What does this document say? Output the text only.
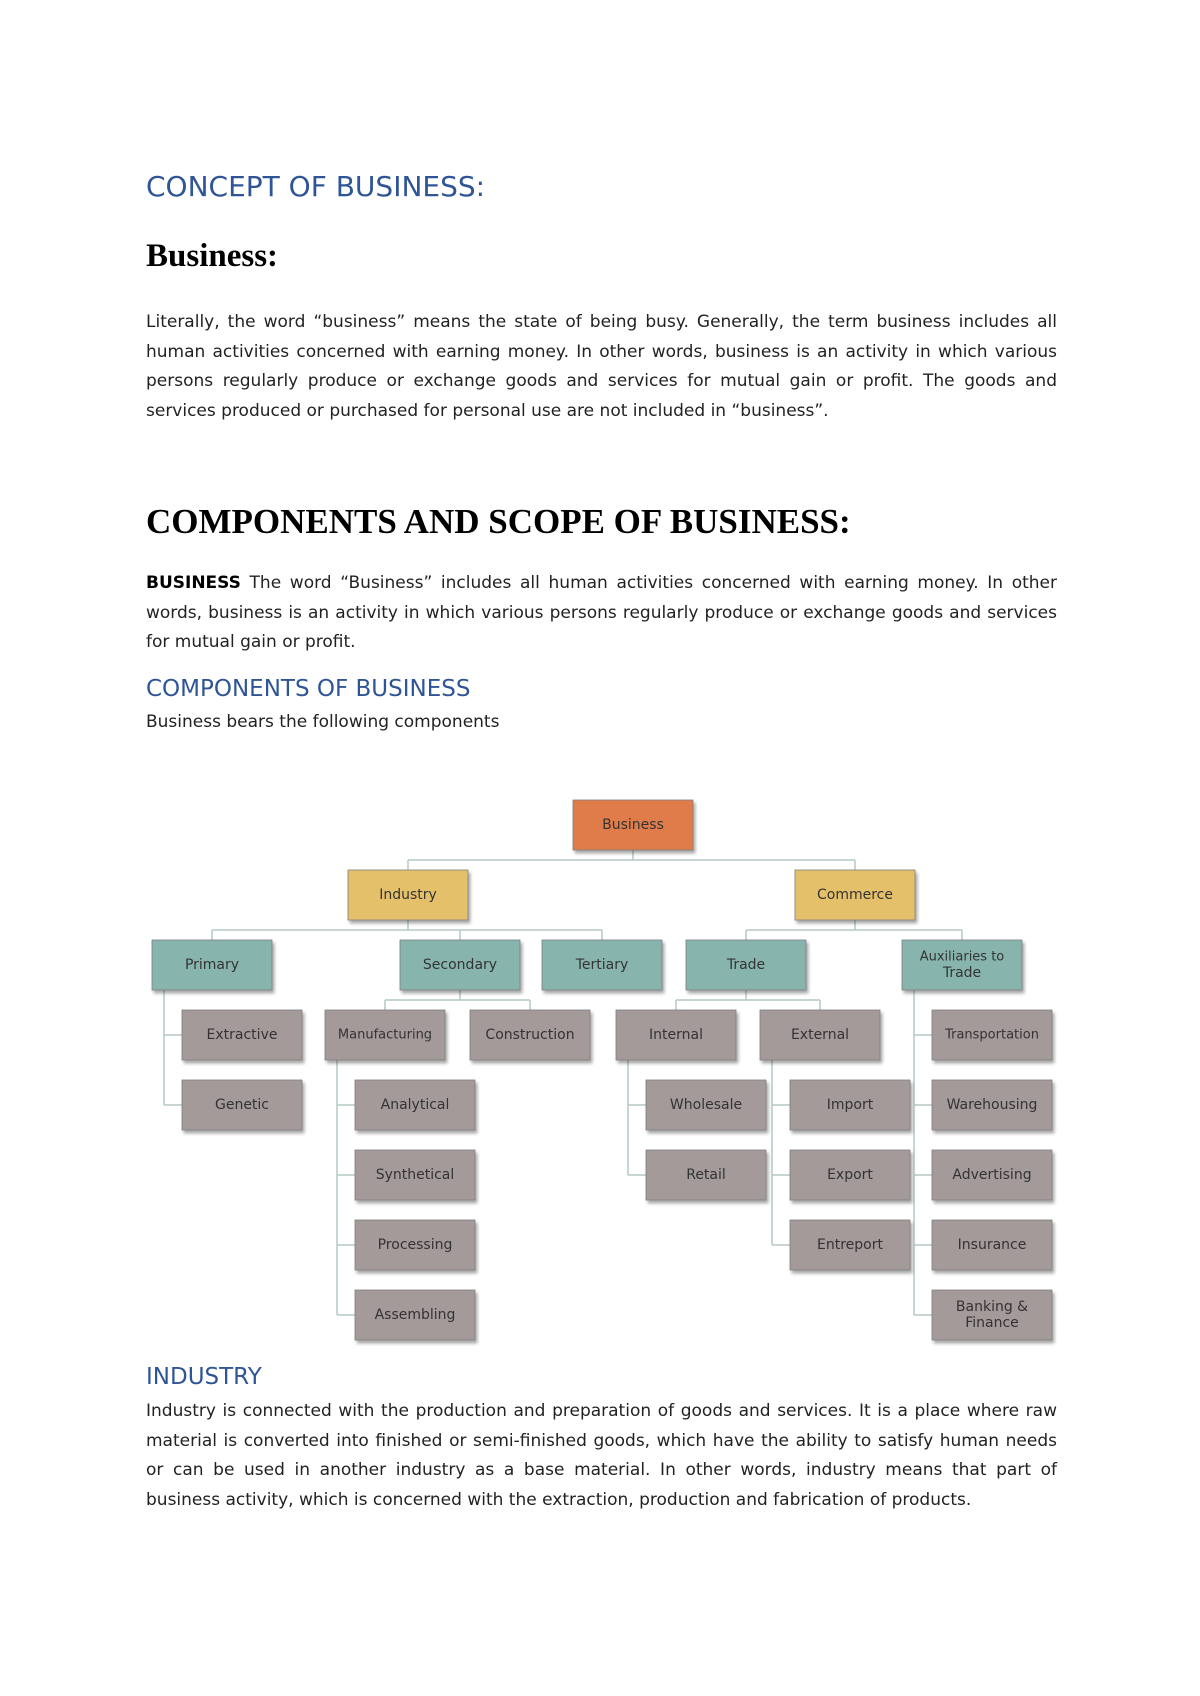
CONCEPT OF BUSINESS:
Business:

Literally, the word “business” means the state of being busy. Generally, the term business includes all human activities concerned with earning money. In other words, business is an activity in which various persons regularly produce or exchange goods and services for mutual gain or profit. The goods and services produced or purchased for personal use are not included in “business”.

COMPONENTS AND SCOPE OF BUSINESS:

BUSINESS The word “Business” includes all human activities concerned with earning money. In other words, business is an activity in which various persons regularly produce or exchange goods and services for mutual gain or profit.

COMPONENTS OF BUSINESS

Business bears the following components

Business
Industry	Commerce
Primary	Secondary	Tertiary	Trade	Auxiliaries to
Trade
Extractive
Genetic
Manufacturing	Construction
Analytical
Synthetical
Processing
Assembling
Internal	External
Wholesale
Retail
Import
Export
Entreport
Transportation
Warehousing
Advertising
Insurance
Banking &
Finance
INDUSTRY

Industry is connected with the production and preparation of goods and services. It is a place where raw material is converted into finished or semi-finished goods, which have the ability to satisfy human needs or can be used in another industry as a base material. In other words, industry means that part of business activity, which is concerned with the extraction, production and fabrication of products.
